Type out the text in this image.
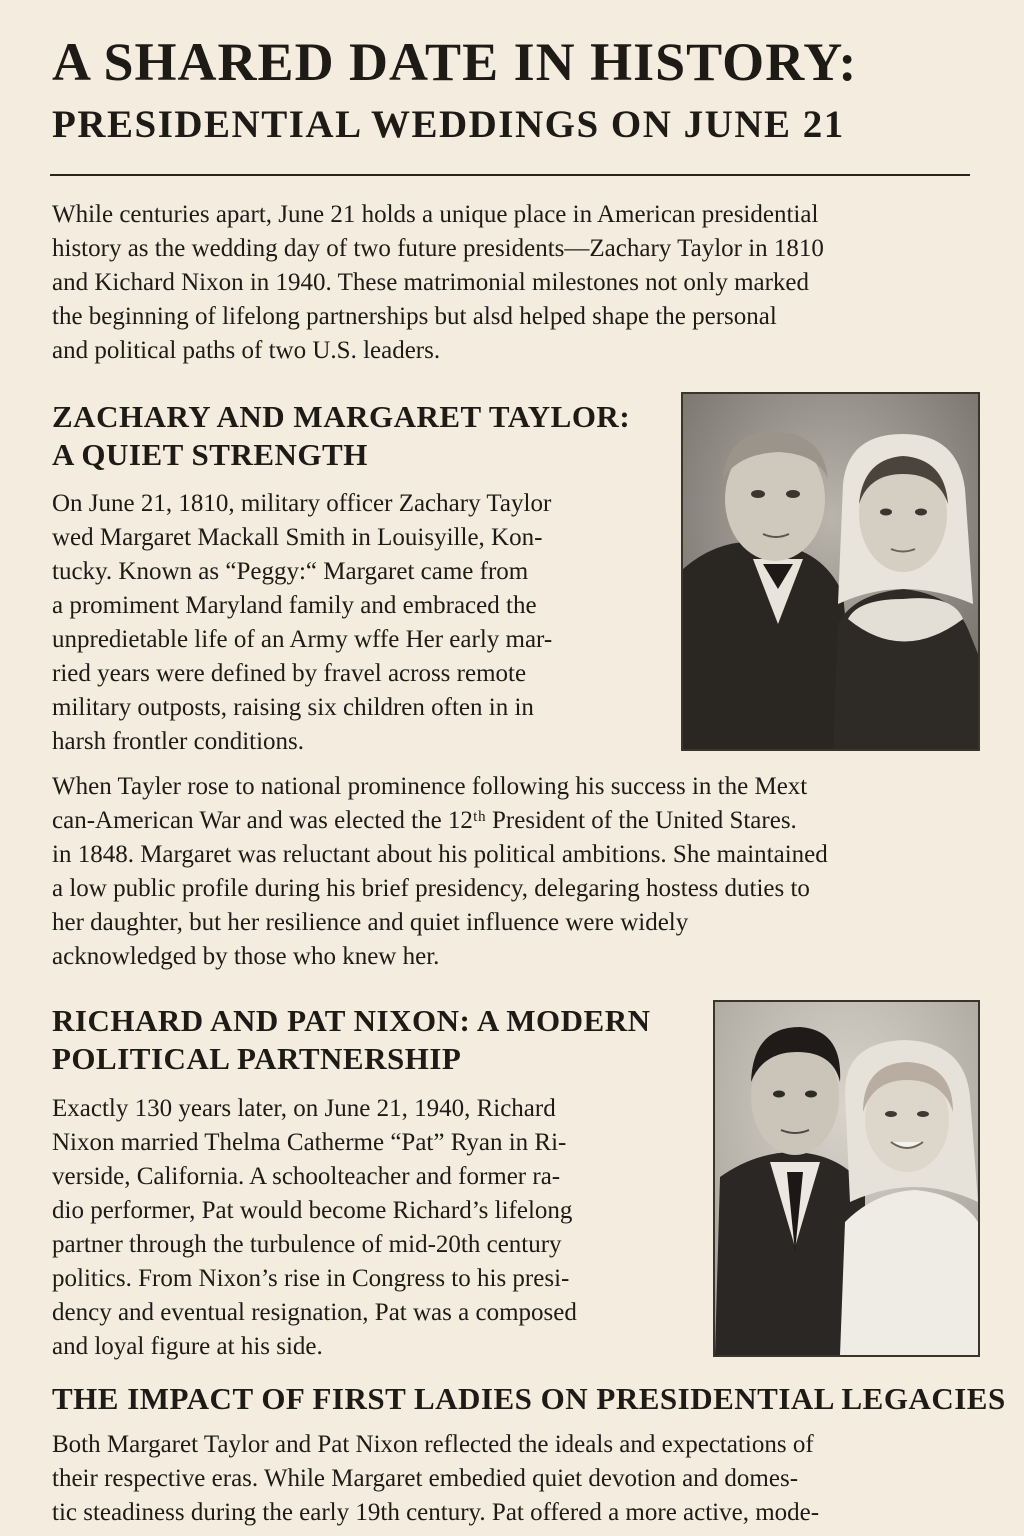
A SHARED DATE IN HISTORY:
PRESIDENTIAL WEDDINGS ON JUNE 21

While centuries apart, June 21 holds a unique place in American presidential
history as the wedding day of two future presidents—Zachary Taylor in 1810
and Kichard Nixon in 1940. These matrimonial milestones not only marked
the beginning of lifelong partnerships but alsd helped shape the personal
and political paths of two U.S. leaders.

ZACHARY AND MARGARET TAYLOR:
A QUIET STRENGTH

On June 21, 1810, military officer Zachary Taylor
wed Margaret Mackall Smith in Louisyille, Kon-
tucky. Known as “Peggy:“ Margaret came from
a promiment Maryland family and embraced the
unprediеtable life of an Army wffe Her early mar-
ried years were defined by fravel across remote
military outposts, raising six children often in in
harsh frontler conditions.

When Tayler rose to national prominence following his success in the Mext
can-American War and was elected the 12ᵗʰ President of the United Stares.
in 1848. Margaret was reluctant about his political ambitions. She maintained
a low public profile during his brief presidency, delegaring hostess duties to
her daughter, but her resilience and quiet influence were widely
acknowledged by those who knew her.

RICHARD AND PAT NIXON: A MODERN
POLITICAL PARTNERSHIP

Exactly 130 years later, on June 21, 1940, Richard
Nixon married Thelma Catherme “Pat” Ryan in Ri-
verside, California. A schoolteacher and former ra-
dio performer, Pat would become Richard’s lifelong
partner through the turbulence of mid-20th century
politics. From Nixon’s rise in Congress to his presi-
dency and eventual resignation, Pat was a composed
and loyal figure at his side.

THE IMPACT OF FIRST LADIES ON PRESIDENTIAL LEGACIES

Both Margaret Taylor and Pat Nixon reflected the ideals and expectations of
their respective eras. While Margaret embedied quiet devotion and domes-
tic steadiness during the early 19th century. Pat offered a more active, mode-
